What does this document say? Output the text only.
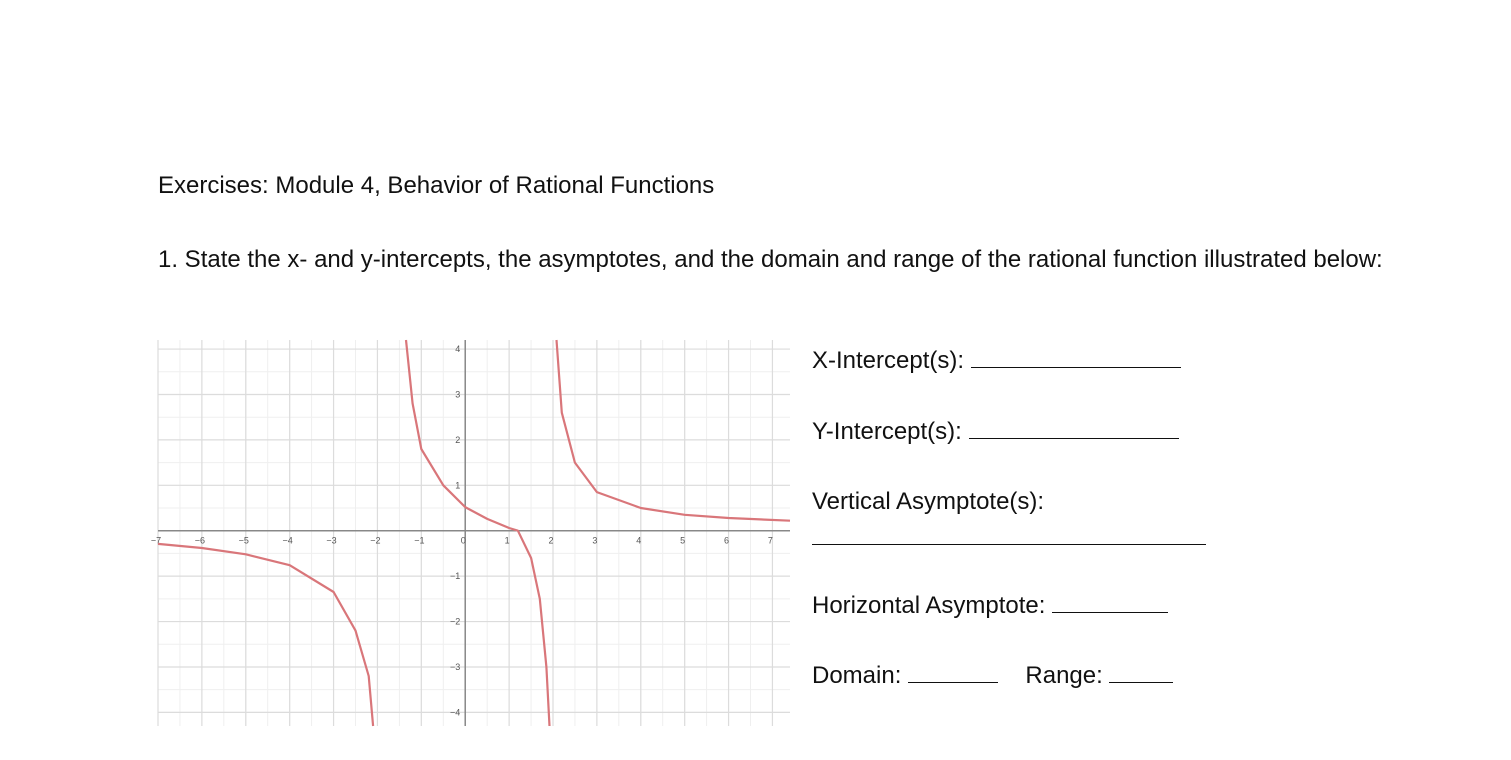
Exercises: Module 4, Behavior of Rational Functions
1. State the x- and y-intercepts, the asymptotes, and the domain and range of the rational function illustrated below:
−7	−6	−5	−4	−3	−2	−1	0	1	2	3	4	5	6	7
−4
−3
−2
−1
1
2
3
4	X-Intercept(s):
Y-Intercept(s):
Vertical Asymptote(s):
Horizontal Asymptote:
Domain:	Range:
